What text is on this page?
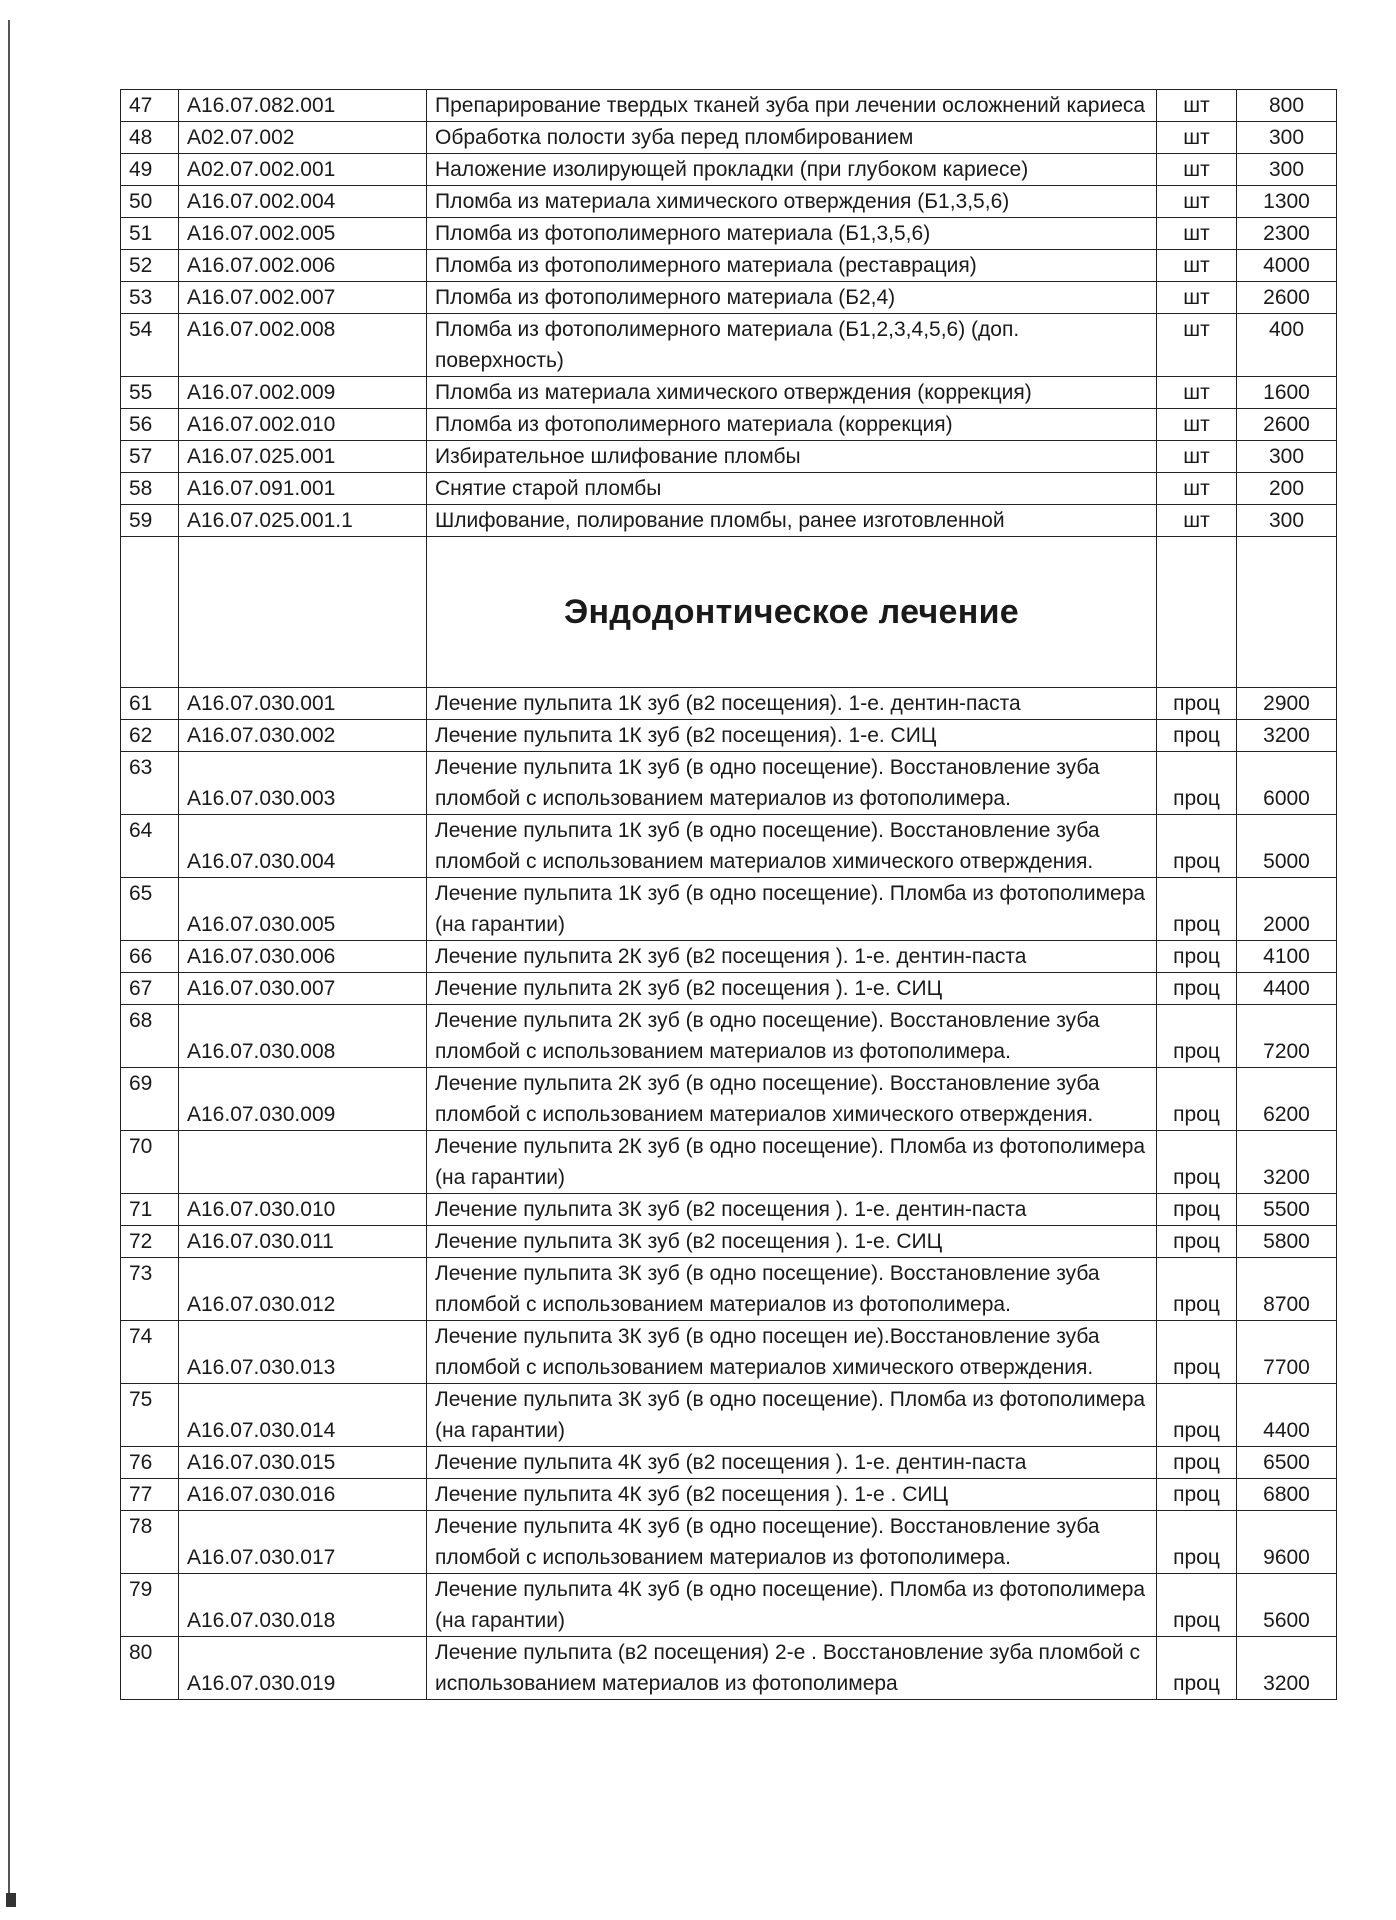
47	A16.07.082.001	Препарирование твердых тканей зуба при лечении осложнений кариеса	шт	800
48	A02.07.002	Обработка полости зуба перед пломбированием	шт	300
49	A02.07.002.001	Наложение изолирующей прокладки (при глубоком кариесе)	шт	300
50	A16.07.002.004	Пломба из материала химического отверждения (Б1,3,5,6)	шт	1300
51	A16.07.002.005	Пломба из фотополимерного материала (Б1,3,5,6)	шт	2300
52	A16.07.002.006	Пломба из фотополимерного материала (реставрация)	шт	4000
53	A16.07.002.007	Пломба из фотополимерного материала (Б2,4)	шт	2600
54	A16.07.002.008	Пломба из фотополимерного материала (Б1,2,3,4,5,6) (доп. поверхность)	шт	400
55	A16.07.002.009	Пломба из материала химического отверждения (коррекция)	шт	1600
56	A16.07.002.010	Пломба из фотополимерного материала (коррекция)	шт	2600
57	A16.07.025.001	Избирательное шлифование пломбы	шт	300
58	A16.07.091.001	Снятие старой пломбы	шт	200
59	A16.07.025.001.1	Шлифование, полирование пломбы, ранее изготовленной	шт	300
		Эндодонтическое лечение		
61	A16.07.030.001	Лечение пульпита 1К зуб (в2 посещения). 1-е. дентин-паста	проц	2900
62	A16.07.030.002	Лечение пульпита 1К зуб (в2 посещения). 1-е. СИЦ	проц	3200
63	A16.07.030.003	Лечение пульпита 1К зуб (в одно посещение). Восстановление зуба пломбой с использованием материалов из фотополимера.	проц	6000
64	A16.07.030.004	Лечение пульпита 1К зуб (в одно посещение). Восстановление зуба пломбой с использованием материалов химического отверждения.	проц	5000
65	A16.07.030.005	Лечение пульпита 1К зуб (в одно посещение). Пломба из фотополимера (на гарантии)	проц	2000
66	A16.07.030.006	Лечение пульпита 2К зуб (в2 посещения ). 1-е. дентин-паста	проц	4100
67	A16.07.030.007	Лечение пульпита 2К зуб (в2 посещения ). 1-е. СИЦ	проц	4400
68	A16.07.030.008	Лечение пульпита 2К зуб (в одно посещение). Восстановление зуба пломбой с использованием материалов из фотополимера.	проц	7200
69	A16.07.030.009	Лечение пульпита 2К зуб (в одно посещение). Восстановление зуба пломбой с использованием материалов химического отверждения.	проц	6200
70		Лечение пульпита 2К зуб (в одно посещение). Пломба из фотополимера (на гарантии)	проц	3200
71	A16.07.030.010	Лечение пульпита 3К зуб (в2 посещения ). 1-е. дентин-паста	проц	5500
72	A16.07.030.011	Лечение пульпита 3К зуб (в2 посещения ). 1-е. СИЦ	проц	5800
73	A16.07.030.012	Лечение пульпита 3К зуб (в одно посещение). Восстановление зуба пломбой с использованием материалов из фотополимера.	проц	8700
74	A16.07.030.013	Лечение пульпита 3К зуб (в одно посещен ие).Восстановление зуба пломбой с использованием материалов химического отверждения.	проц	7700
75	A16.07.030.014	Лечение пульпита 3К зуб (в одно посещение). Пломба из фотополимера (на гарантии)	проц	4400
76	A16.07.030.015	Лечение пульпита 4К зуб (в2 посещения ). 1-е. дентин-паста	проц	6500
77	A16.07.030.016	Лечение пульпита 4К зуб (в2 посещения ). 1-е . СИЦ	проц	6800
78	A16.07.030.017	Лечение пульпита 4К зуб (в одно посещение). Восстановление зуба пломбой с использованием материалов из фотополимера.	проц	9600
79	A16.07.030.018	Лечение пульпита 4К зуб (в одно посещение). Пломба из фотополимера (на гарантии)	проц	5600
80	A16.07.030.019	Лечение пульпита (в2 посещения) 2-е . Восстановление зуба пломбой с использованием материалов из фотополимера	проц	3200
